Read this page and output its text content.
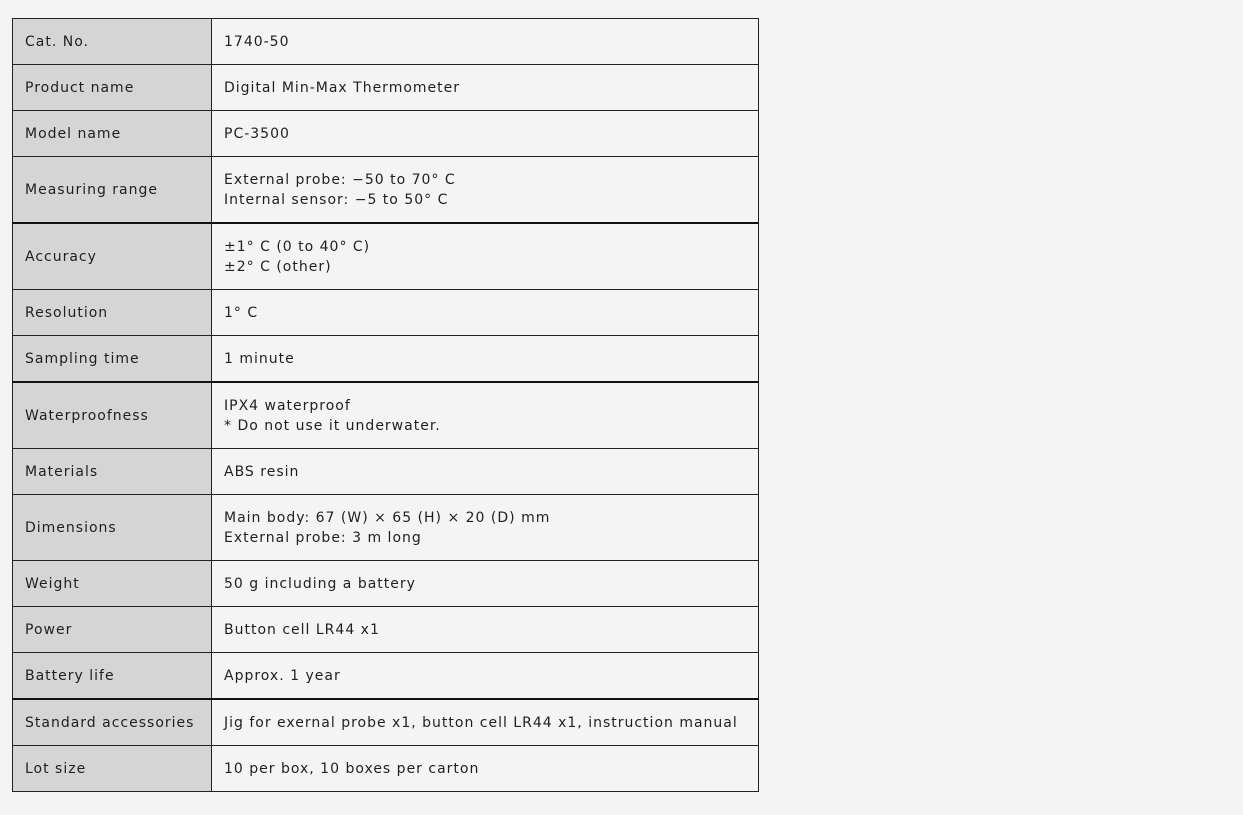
Cat. No.	1740-50

Product name	Digital Min-Max Thermometer

Model name	PC-3500

Measuring range	External probe: −50 to 70° C
Internal sensor: −5 to 50° C

Accuracy	±1° C (0 to 40° C)
±2° C (other)

Resolution	1° C

Sampling time	1 minute

Waterproofness	IPX4 waterproof
* Do not use it underwater.

Materials	ABS resin

Dimensions	Main body: 67 (W) × 65 (H) × 20 (D) mm
External probe: 3 m long

Weight	50 g including a battery

Power	Button cell LR44 x1

Battery life	Approx. 1 year

Standard accessories	Jig for exernal probe x1, button cell LR44 x1, instruction manual

Lot size	10 per box, 10 boxes per carton
